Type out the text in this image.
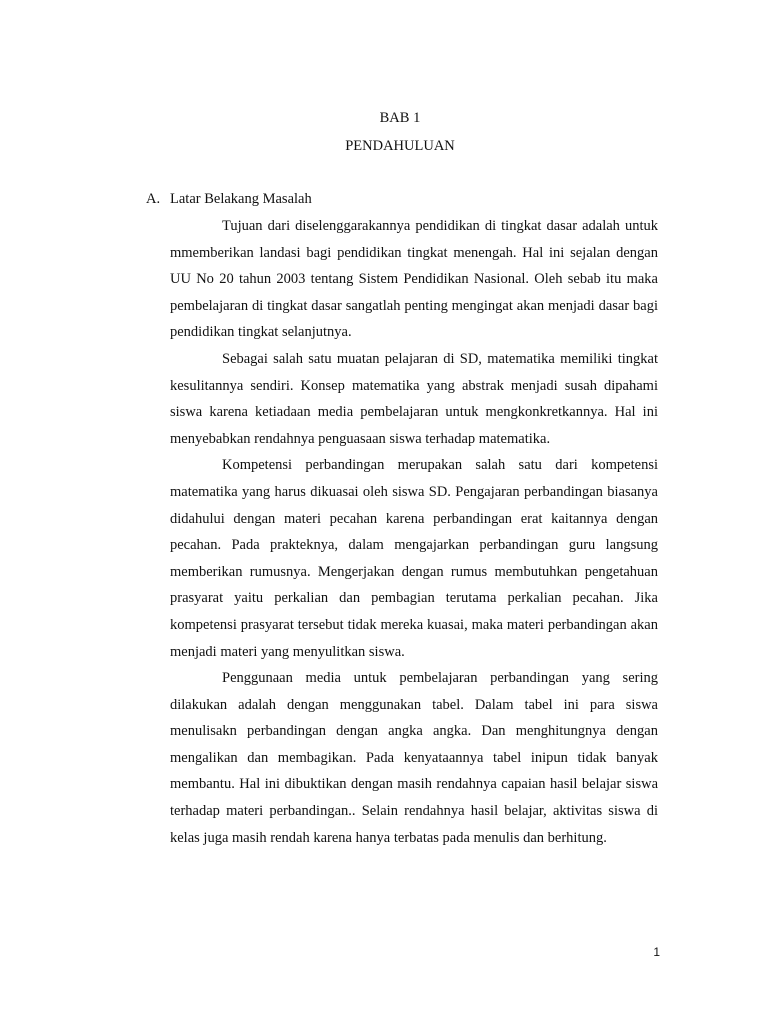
BAB 1
PENDAHULUAN
A. Latar Belakang Masalah

Tujuan dari diselenggarakannya pendidikan di tingkat dasar adalah untuk mmemberikan landasi bagi pendidikan tingkat menengah. Hal ini sejalan dengan UU No 20 tahun 2003 tentang Sistem Pendidikan Nasional. Oleh sebab itu maka pembelajaran di tingkat dasar sangatlah penting mengingat akan menjadi dasar bagi pendidikan tingkat selanjutnya.

Sebagai salah satu muatan pelajaran di SD, matematika memiliki tingkat kesulitannya sendiri. Konsep matematika yang abstrak menjadi susah dipahami siswa karena ketiadaan media pembelajaran untuk mengkonkretkannya. Hal ini menyebabkan rendahnya penguasaan siswa terhadap matematika.

Kompetensi perbandingan merupakan salah satu dari kompetensi matematika yang harus dikuasai oleh siswa SD. Pengajaran perbandingan biasanya didahului dengan materi pecahan karena perbandingan erat kaitannya dengan pecahan. Pada prakteknya, dalam mengajarkan perbandingan guru langsung memberikan rumusnya. Mengerjakan dengan rumus membutuhkan pengetahuan prasyarat yaitu perkalian dan pembagian terutama perkalian pecahan. Jika kompetensi prasyarat tersebut tidak mereka kuasai, maka materi perbandingan akan menjadi materi yang menyulitkan siswa.

Penggunaan media untuk pembelajaran perbandingan yang sering dilakukan adalah dengan menggunakan tabel. Dalam tabel ini para siswa menulisakn perbandingan dengan angka angka. Dan menghitungnya dengan mengalikan dan membagikan. Pada kenyataannya tabel inipun tidak banyak membantu. Hal ini dibuktikan dengan masih rendahnya capaian hasil belajar siswa terhadap materi perbandingan.. Selain rendahnya hasil belajar, aktivitas siswa di kelas juga masih rendah karena hanya terbatas pada menulis dan berhitung.

1
